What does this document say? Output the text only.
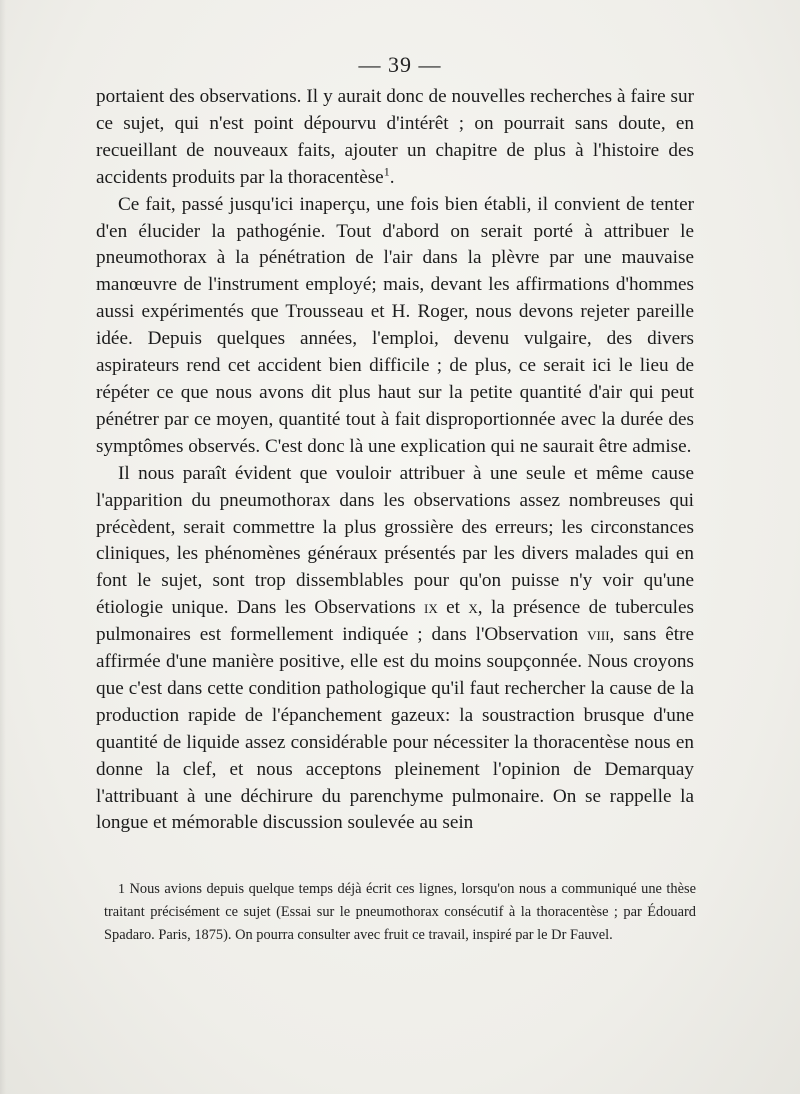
— 39 —

portaient des observations. Il y aurait donc de nouvelles recherches à faire sur ce sujet, qui n'est point dépourvu d'intérêt ; on pourrait sans doute, en recueillant de nouveaux faits, ajouter un chapitre de plus à l'histoire des accidents produits par la thoracentèse$^1$.

Ce fait, passé jusqu'ici inaperçu, une fois bien établi, il convient de tenter d'en élucider la pathogénie. Tout d'abord on serait porté à attribuer le pneumothorax à la pénétration de l'air dans la plèvre par une mauvaise manœuvre de l'instrument employé; mais, devant les affirmations d'hommes aussi expérimentés que Trousseau et H. Roger, nous devons rejeter pareille idée. Depuis quelques années, l'emploi, devenu vulgaire, des divers aspirateurs rend cet accident bien difficile ; de plus, ce serait ici le lieu de répéter ce que nous avons dit plus haut sur la petite quantité d'air qui peut pénétrer par ce moyen, quantité tout à fait disproportionnée avec la durée des symptômes observés. C'est donc là une explication qui ne saurait être admise.

Il nous paraît évident que vouloir attribuer à une seule et même cause l'apparition du pneumothorax dans les observations assez nombreuses qui précèdent, serait commettre la plus grossière des erreurs; les circonstances cliniques, les phénomènes généraux présentés par les divers malades qui en font le sujet, sont trop dissemblables pour qu'on puisse n'y voir qu'une étiologie unique. Dans les Observations ix et x, la présence de tubercules pulmonaires est formellement indiquée ; dans l'Observation viii, sans être affirmée d'une manière positive, elle est du moins soupçonnée. Nous croyons que c'est dans cette condition pathologique qu'il faut rechercher la cause de la production rapide de l'épanchement gazeux: la soustraction brusque d'une quantité de liquide assez considérable pour nécessiter la thoracentèse nous en donne la clef, et nous acceptons pleinement l'opinion de Demarquay l'attribuant à une déchirure du parenchyme pulmonaire. On se rappelle la longue et mémorable discussion soulevée au sein

1 Nous avions depuis quelque temps déjà écrit ces lignes, lorsqu'on nous a communiqué une thèse traitant précisément ce sujet (Essai sur le pneumothorax consécutif à la thoracentèse ; par Édouard Spadaro. Paris, 1875). On pourra consulter avec fruit ce travail, inspiré par le Dr Fauvel.
